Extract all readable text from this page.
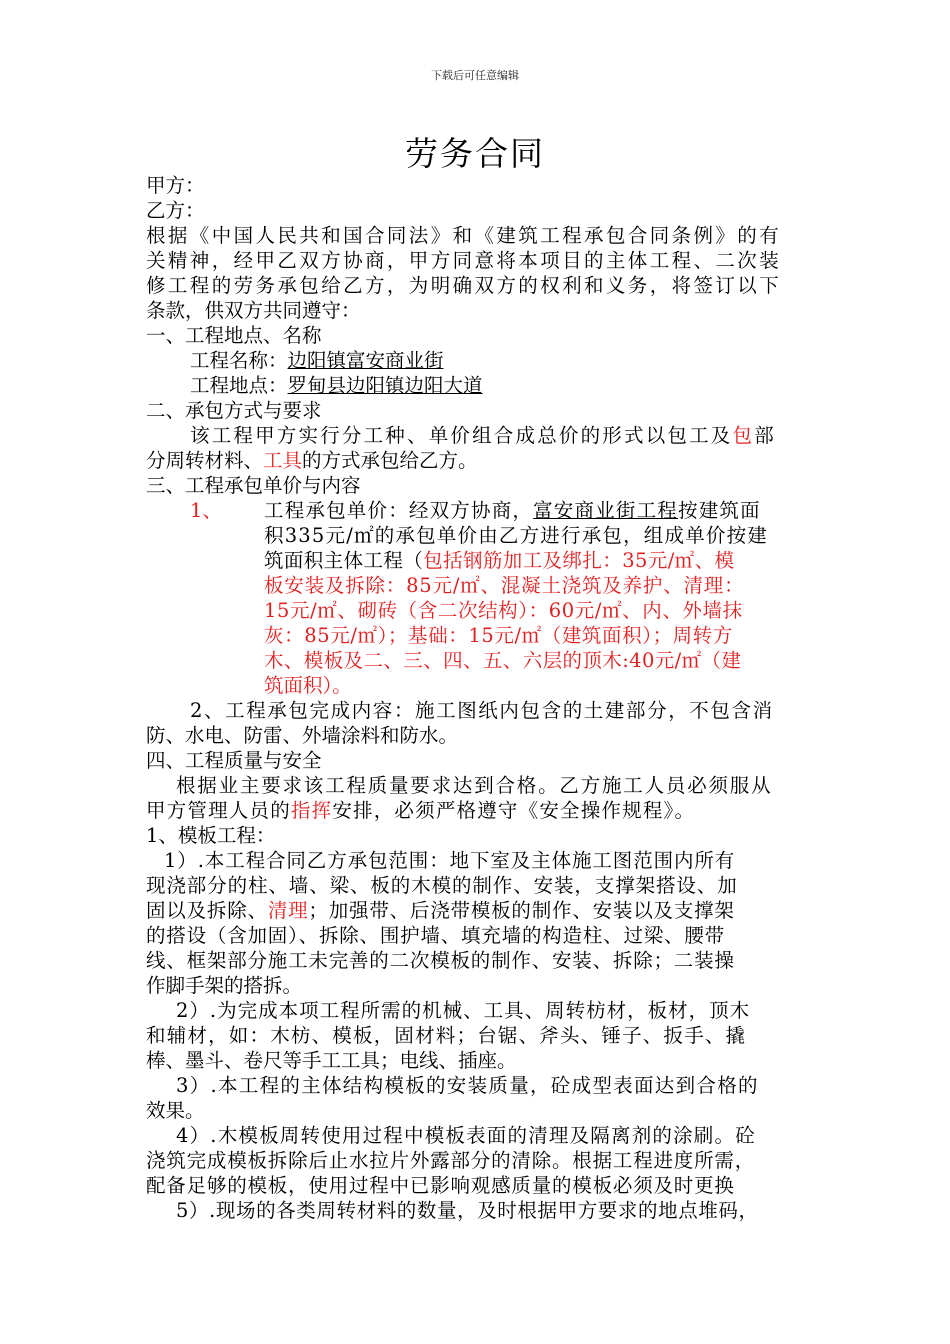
下载后可任意编辑
劳务合同
甲方：
乙方：
根据《中国人民共和国合同法》和《建筑工程承包合同条例》的有
关精神，经甲乙双方协商，甲方同意将本项目的主体工程、二次装
修工程的劳务承包给乙方，为明确双方的权利和义务，将签订以下
条款，供双方共同遵守：
一、工程地点、名称
工程名称：边阳镇富安商业街
工程地点：罗甸县边阳镇边阳大道
二、承包方式与要求
该工程甲方实行分工种、单价组合成总价的形式以包工及包部
分周转材料、工具的方式承包给乙方。
三、工程承包单价与内容
1、 工程承包单价：经双方协商，富安商业街工程按建筑面
积335元/㎡的承包单价由乙方进行承包，组成单价按建
筑面积主体工程（包括钢筋加工及绑扎：35元/㎡、模
板安装及拆除：85元/㎡、混凝土浇筑及养护、清理：
15元/㎡、砌砖（含二次结构）：60元/㎡、内、外墙抹
灰：85元/㎡）；基础：15元/㎡（建筑面积）；周转方
木、模板及二、三、四、五、六层的顶木:40元/㎡（建
筑面积）。
2、工程承包完成内容：施工图纸内包含的土建部分，不包含消
防、水电、防雷、外墙涂料和防水。
四、工程质量与安全
根据业主要求该工程质量要求达到合格。乙方施工人员必须服从
甲方管理人员的指挥安排，必须严格遵守《安全操作规程》。
1、模板工程：
1）.本工程合同乙方承包范围：地下室及主体施工图范围内所有
现浇部分的柱、墙、梁、板的木模的制作、安装，支撑架搭设、加
固以及拆除、清理；加强带、后浇带模板的制作、安装以及支撑架
的搭设（含加固）、拆除、围护墙、填充墙的构造柱、过梁、腰带
线、框架部分施工未完善的二次模板的制作、安装、拆除；二装操
作脚手架的搭拆。
2）.为完成本项工程所需的机械、工具、周转枋材，板材，顶木
和辅材，如：木枋、模板，固材料；台锯、斧头、锤子、扳手、撬
棒、墨斗、卷尺等手工工具；电线、插座。
3）.本工程的主体结构模板的安装质量，砼成型表面达到合格的
效果。
4）.木模板周转使用过程中模板表面的清理及隔离剂的涂刷。砼
浇筑完成模板拆除后止水拉片外露部分的清除。根据工程进度所需，
配备足够的模板，使用过程中已影响观感质量的模板必须及时更换
5）.现场的各类周转材料的数量，及时根据甲方要求的地点堆码，
